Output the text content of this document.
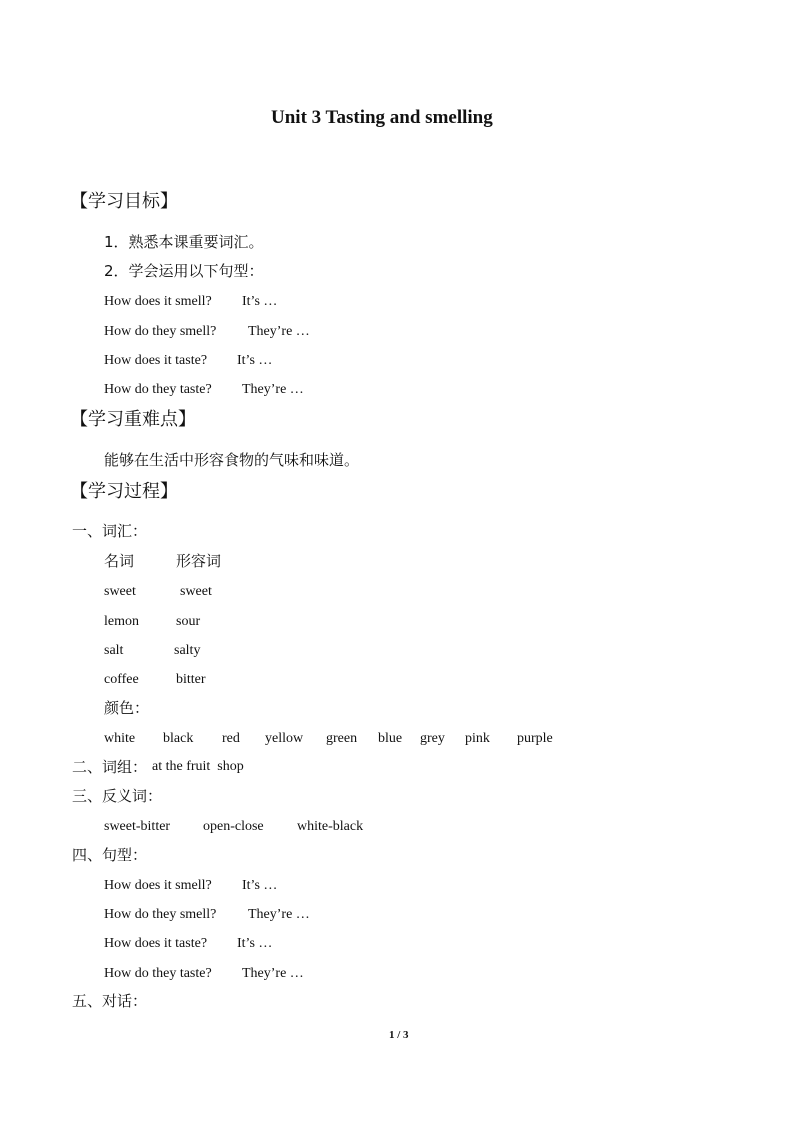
Unit 3 Tasting and smelling
【学习目标】
1．熟悉本课重要词汇。
2．学会运用以下句型：
How does it smell? It’s …
How do they smell? They’re …
How does it taste? It’s …
How do they taste? They’re …
【学习重难点】
能够在生活中形容食物的气味和味道。
【学习过程】
一、词汇：
名词	形容词
sweet	sweet
lemon	sour
salt	salty
coffee	bitter
颜色：
white black red yellow green blue grey pink purple
二、词组： at the fruit  shop
三、反义词：
sweet-bitter open-close white-black
四、句型：
How does it smell? It’s …
How do they smell? They’re …
How does it taste? It’s …
How do they taste? They’re …
五、对话：
1 / 3
